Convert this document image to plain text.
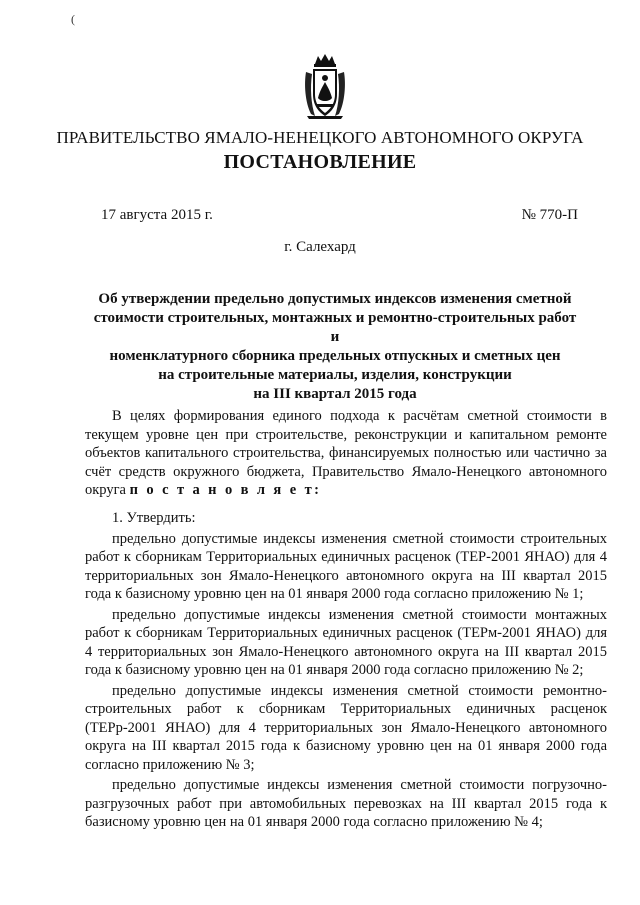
(
ПРАВИТЕЛЬСТВО ЯМАЛО-НЕНЕЦКОГО АВТОНОМНОГО ОКРУГА
ПОСТАНОВЛЕНИЕ
17 августа 2015 г.	№ 770-П
г. Салехард
Об утверждении предельно допустимых индексов изменения сметной
стоимости строительных, монтажных и ремонтно-строительных работ и
номенклатурного сборника предельных отпускных и сметных цен
на строительные материалы, изделия, конструкции
на III квартал 2015 года

В целях формирования единого подхода к расчётам сметной стоимости в текущем уровне цен при строительстве, реконструкции и капитальном ремонте объектов капитального строительства, финансируемых полностью или частично за счёт средств окружного бюджета, Правительство Ямало-Ненецкого автономного округа п о с т а н о в л я е т:

1. Утвердить:

предельно допустимые индексы изменения сметной стоимости строительных работ к сборникам Территориальных единичных расценок (ТЕР-2001 ЯНАО) для 4 территориальных зон Ямало-Ненецкого автономного округа на III квартал 2015 года к базисному уровню цен на 01 января 2000 года согласно приложению № 1;

предельно допустимые индексы изменения сметной стоимости монтажных работ к сборникам Территориальных единичных расценок (ТЕРм-2001 ЯНАО) для 4 территориальных зон Ямало-Ненецкого автономного округа на III квартал 2015 года к базисному уровню цен на 01 января 2000 года согласно приложению № 2;

предельно допустимые индексы изменения сметной стоимости ремонтно-строительных работ к сборникам Территориальных единичных расценок (ТЕРр-2001 ЯНАО) для 4 территориальных зон Ямало-Ненецкого автономного округа на III квартал 2015 года к базисному уровню цен на 01 января 2000 года согласно приложению № 3;

предельно допустимые индексы изменения сметной стоимости погрузочно-разгрузочных работ при автомобильных перевозках на III квартал 2015 года к базисному уровню цен на 01 января 2000 года согласно приложению № 4;
